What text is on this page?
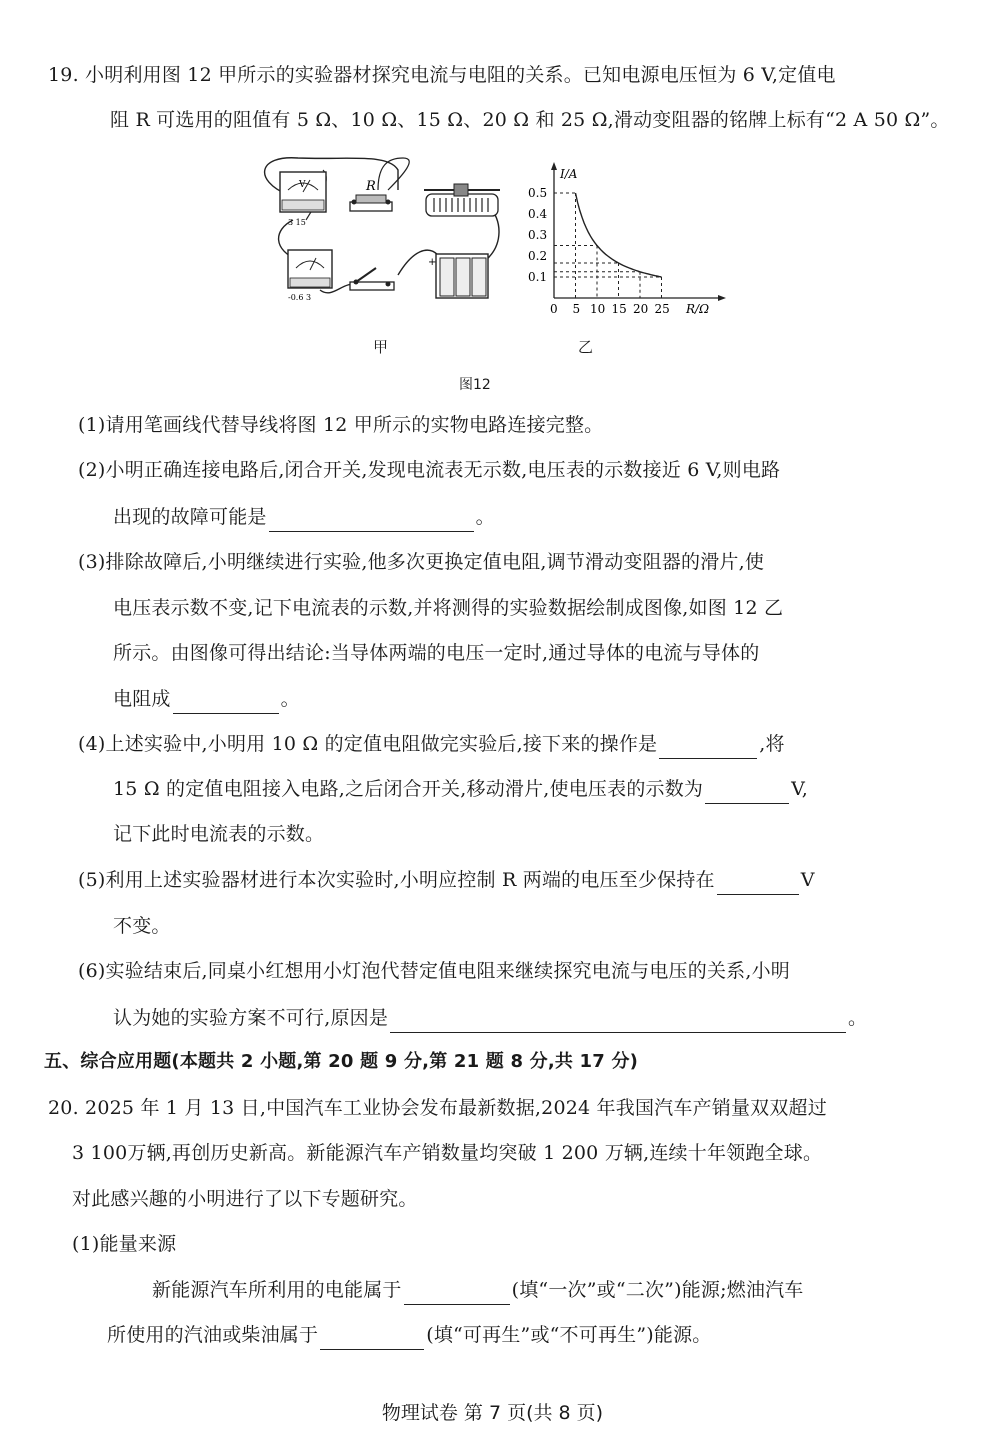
19. 小明利用图 12 甲所示的实验器材探究电流与电阻的关系。已知电源电压恒为 6 V,定值电
阻 R 可选用的阻值有 5 Ω、10 Ω、15 Ω、20 Ω 和 25 Ω,滑动变阻器的铭牌上标有“2 A 50 Ω”。
V
3 15
R
-0.6 3
+
甲
I/A
R/Ω
0 5 10 15 20 25
0.5
0.4
0.3
0.2
0.1
乙
图12
(1)请用笔画线代替导线将图 12 甲所示的实物电路连接完整。
(2)小明正确连接电路后,闭合开关,发现电流表无示数,电压表的示数接近 6 V,则电路
出现的故障可能是	。
(3)排除故障后,小明继续进行实验,他多次更换定值电阻,调节滑动变阻器的滑片,使
电压表示数不变,记下电流表的示数,并将测得的实验数据绘制成图像,如图 12 乙
所示。由图像可得出结论:当导体两端的电压一定时,通过导体的电流与导体的
电阻成	。
(4)上述实验中,小明用 10 Ω 的定值电阻做完实验后,接下来的操作是	,将
15 Ω 的定值电阻接入电路,之后闭合开关,移动滑片,使电压表的示数为	V,
记下此时电流表的示数。
(5)利用上述实验器材进行本次实验时,小明应控制 R 两端的电压至少保持在	V
不变。
(6)实验结束后,同桌小红想用小灯泡代替定值电阻来继续探究电流与电压的关系,小明
认为她的实验方案不可行,原因是	。
五、综合应用题(本题共 2 小题,第 20 题 9 分,第 21 题 8 分,共 17 分)
20. 2025 年 1 月 13 日,中国汽车工业协会发布最新数据,2024 年我国汽车产销量双双超过
3 100万辆,再创历史新高。新能源汽车产销数量均突破 1 200 万辆,连续十年领跑全球。
对此感兴趣的小明进行了以下专题研究。
(1)能量来源
新能源汽车所利用的电能属于	(填“一次”或“二次”)能源;燃油汽车
所使用的汽油或柴油属于	(填“可再生”或“不可再生”)能源。
物理试卷 第 7 页(共 8 页)
